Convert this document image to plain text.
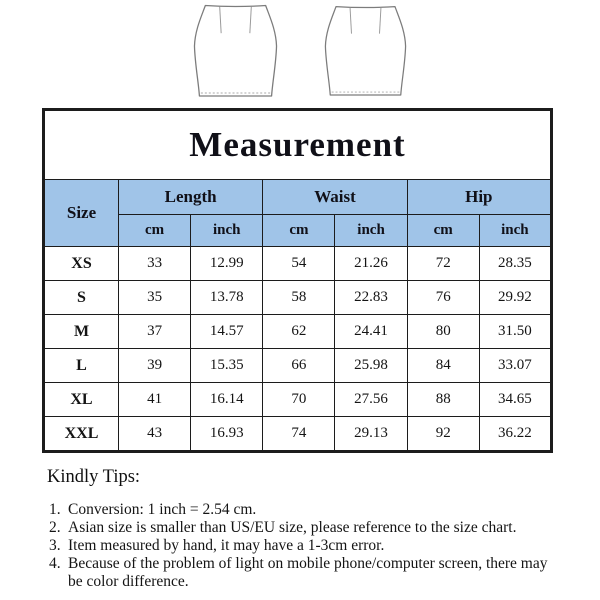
Measurement						
Size	Length		Waist		Hip	
	cm	inch	cm	inch	cm	inch
XS	33	12.99	54	21.26	72	28.35
S	35	13.78	58	22.83	76	29.92
M	37	14.57	62	24.41	80	31.50
L	39	15.35	66	25.98	84	33.07
XL	41	16.14	70	27.56	88	34.65
XXL	43	16.93	74	29.13	92	36.22
Kindly Tips:
1. Conversion: 1 inch = 2.54 cm.
2. Asian size is smaller than US/EU size, please reference to the size chart.
3. Item measured by hand, it may have a 1-3cm error.
4. Because of the problem of light on mobile phone/computer screen, there may be color difference.
